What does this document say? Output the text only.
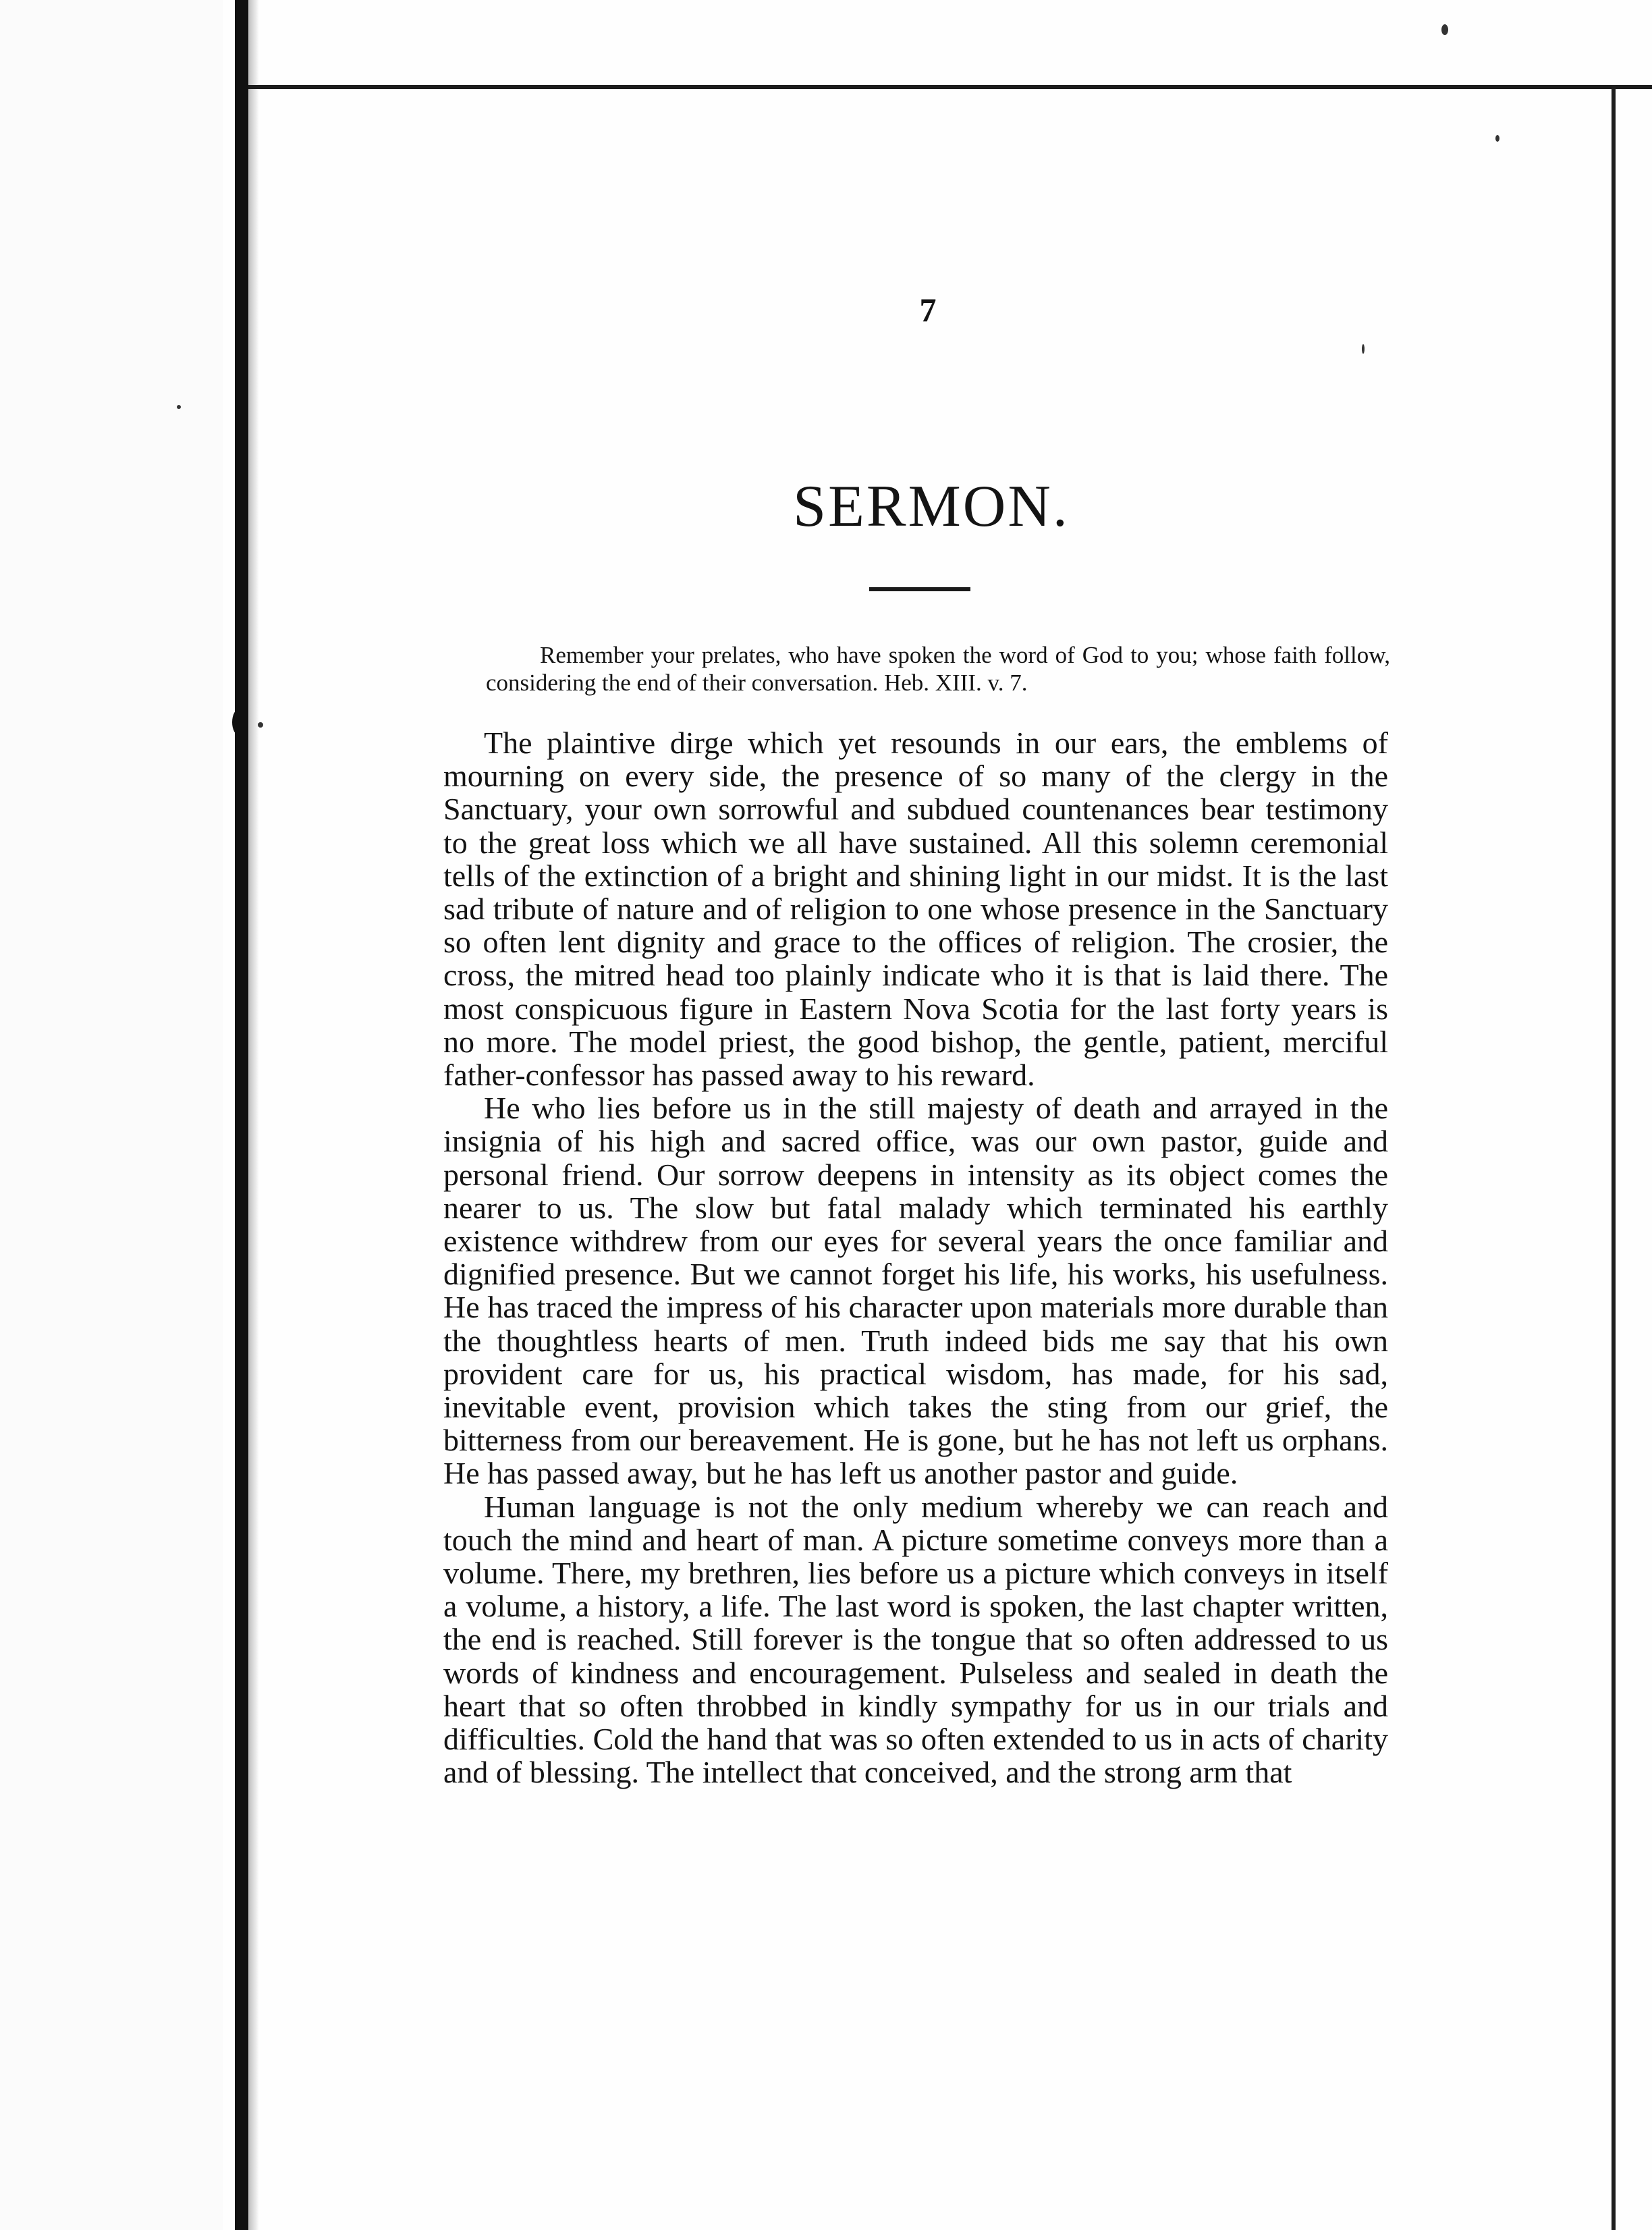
7
SERMON.
Remember your prelates, who have spoken the word of God to you; whose faith follow, considering the end of their conversation. Heb. XIII. v. 7.

The plaintive dirge which yet resounds in our ears, the emblems of mourning on every side, the presence of so many of the clergy in the Sanctuary, your own sorrowful and subdued countenances bear testimony to the great loss which we all have sustained. All this solemn ceremonial tells of the extinction of a bright and shining light in our midst. It is the last sad tribute of nature and of religion to one whose presence in the Sanctuary so often lent dignity and grace to the offices of religion. The crosier, the cross, the mitred head too plainly indicate who it is that is laid there. The most conspicuous figure in Eastern Nova Scotia for the last forty years is no more. The model priest, the good bishop, the gentle, patient, merciful father-confessor has passed away to his reward.

He who lies before us in the still majesty of death and arrayed in the insignia of his high and sacred office, was our own pastor, guide and personal friend. Our sorrow deepens in intensity as its object comes the nearer to us. The slow but fatal malady which terminated his earthly existence withdrew from our eyes for several years the once familiar and dignified presence. But we cannot forget his life, his works, his usefulness. He has traced the impress of his character upon materials more durable than the thoughtless hearts of men. Truth indeed bids me say that his own provident care for us, his practical wisdom, has made, for his sad, inevitable event, provision which takes the sting from our grief, the bitterness from our bereavement. He is gone, but he has not left us orphans. He has passed away, but he has left us another pastor and guide.

Human language is not the only medium whereby we can reach and touch the mind and heart of man. A picture sometime conveys more than a volume. There, my brethren, lies before us a picture which conveys in itself a volume, a history, a life. The last word is spoken, the last chapter written, the end is reached. Still forever is the tongue that so often addressed to us words of kindness and encouragement. Pulseless and sealed in death the heart that so often throbbed in kindly sympathy for us in our trials and difficulties. Cold the hand that was so often extended to us in acts of charity and of blessing. The intellect that conceived, and the strong arm that
